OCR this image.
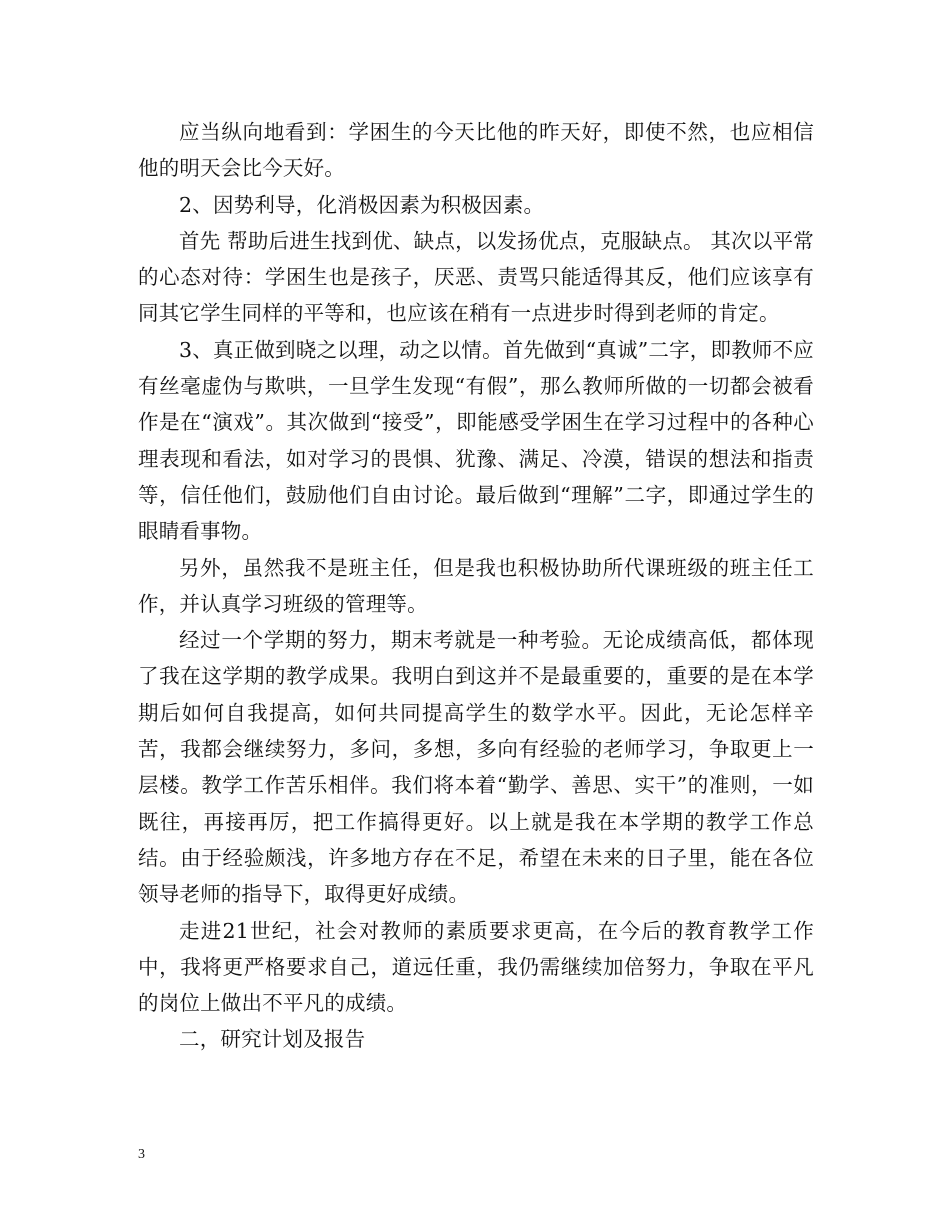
应当纵向地看到：学困生的今天比他的昨天好，即使不然，也应相信他的明天会比今天好。

2、因势利导，化消极因素为积极因素。

首先 帮助后进生找到优、缺点，以发扬优点，克服缺点。 其次以平常的心态对待：学困生也是孩子，厌恶、责骂只能适得其反，他们应该享有同其它学生同样的平等和，也应该在稍有一点进步时得到老师的肯定。

3、真正做到晓之以理，动之以情。首先做到“真诚”二字，即教师不应有丝毫虚伪与欺哄，一旦学生发现“有假”，那么教师所做的一切都会被看作是在“演戏”。其次做到“接受”，即能感受学困生在学习过程中的各种心理表现和看法，如对学习的畏惧、犹豫、满足、冷漠，错误的想法和指责等，信任他们，鼓励他们自由讨论。最后做到“理解”二字，即通过学生的眼睛看事物。

另外，虽然我不是班主任，但是我也积极协助所代课班级的班主任工作，并认真学习班级的管理等。

经过一个学期的努力，期末考就是一种考验。无论成绩高低，都体现了我在这学期的教学成果。我明白到这并不是最重要的，重要的是在本学期后如何自我提高，如何共同提高学生的数学水平。因此，无论怎样辛苦，我都会继续努力，多问，多想，多向有经验的老师学习，争取更上一层楼。教学工作苦乐相伴。我们将本着“勤学、善思、实干”的准则，一如既往，再接再厉，把工作搞得更好。以上就是我在本学期的教学工作总结。由于经验颇浅，许多地方存在不足，希望在未来的日子里，能在各位领导老师的指导下，取得更好成绩。

走进21世纪，社会对教师的素质要求更高，在今后的教育教学工作中，我将更严格要求自己，道远任重，我仍需继续加倍努力，争取在平凡的岗位上做出不平凡的成绩。

二，研究计划及报告

3
